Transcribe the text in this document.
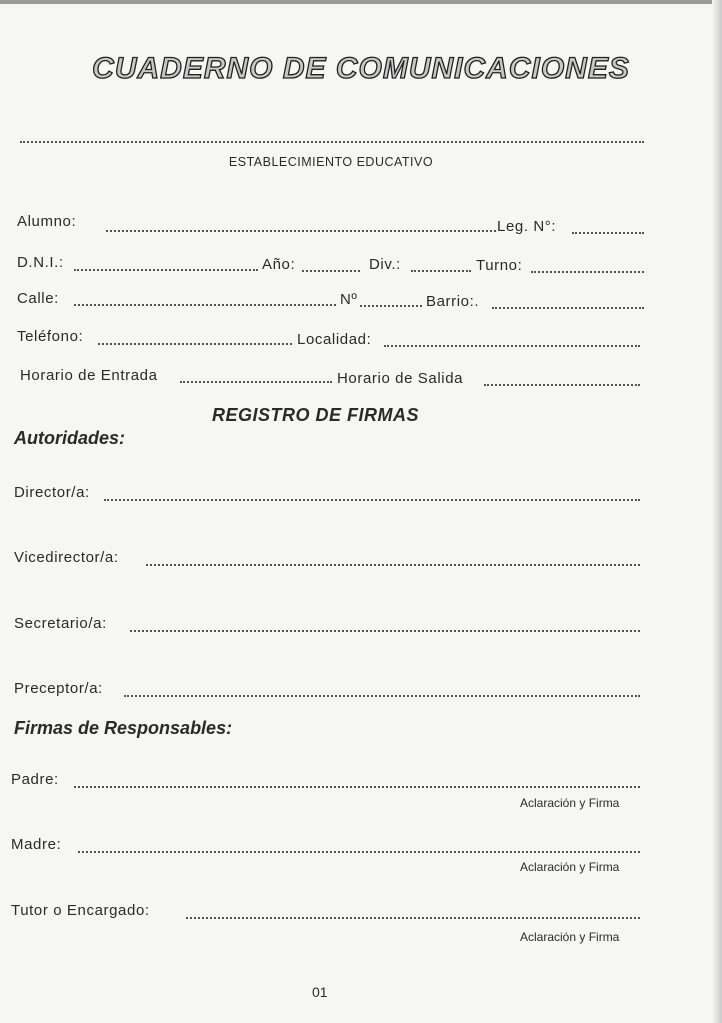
CUADERNO DE COMUNICACIONES
ESTABLECIMIENTO EDUCATIVO
Alumno:	Leg. N°:
D.N.I.:	Año:	Div.:	Turno:
Calle:	Nº	Barrio:.
Teléfono:	Localidad:
Horario de Entrada	Horario de Salida
REGISTRO DE FIRMAS
Autoridades:
Director/a:
Vicedirector/a:
Secretario/a:
Preceptor/a:
Firmas de Responsables:
Padre:
Aclaración y Firma
Madre:
Aclaración y Firma
Tutor o Encargado:
Aclaración y Firma
01
